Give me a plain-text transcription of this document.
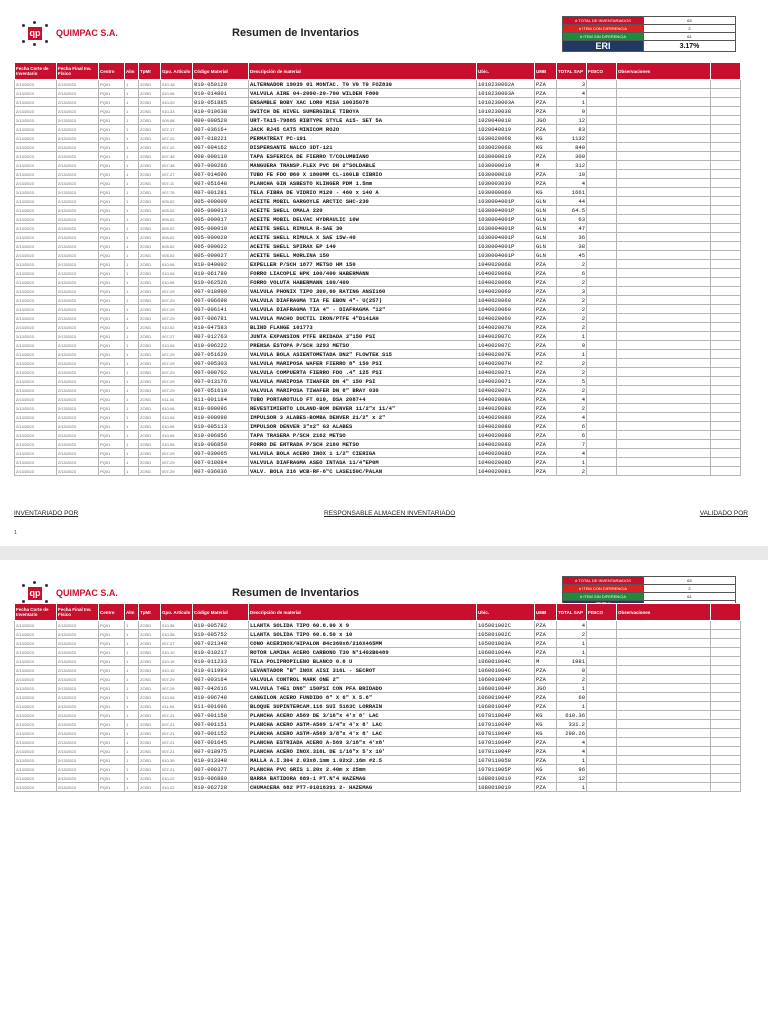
qp QUIMPAC S.A.	Resumen de Inventarios
# TOTAL DE INVENTARIADOS	63
# ITEM CON DIFERENCIA	2
# ITEM SIN DIFERENCIA	61
ERI	3.17%
Fecha Corte de Inventario	Fecha Final Inv. Físico	Centro	Alm	TpMt	Gpo. Artículo	Código Material	Descripción de material	Ubic.	UMB	TOTAL SAP	FISICO	Observaciones	
2/13/2023	2/13/2023	PQ01	1	ZOSD	010-18	010-050120	ALTERNADOR 19039 01 MONTAC. T0 V0 T0 FOZ830	1010230002A	PZA	3			
2/13/2023	2/13/2023	PQ01	1	ZOSD	010-06	010-014801	VALVULA AIRE 04-2000-20-700 WILDEN F800	1010230003A	PZA	4			
2/13/2023	2/13/2023	PQ01	1	ZOSD	010-20	010-051885	ENSAMBLE BOBY XAC LOR0 MISA 10035078	1010230003A	PZA	1			
2/13/2023	2/13/2023	PQ01	1	ZOSD	010-33	010-010638	SWITCH DE NIVEL SUMERGIBLE TIBOYA	1010230038	PZA	0			
2/13/2023	2/13/2023	PQ01	1	ZOSD	009-08	009-000520	URT-TA15-79885 RIBTYPE STYLE A15- SET 5A	1020040018	JGO	12			
2/13/2023	2/13/2023	PQ01	1	ZOSD	007-17	007-03616+	JACK RJ45 CAT5 MINICOM ROJO	1020040019	PZA	83			
2/13/2023	2/13/2023	PQ01	1	ZOSD	007-22	007-018221	PERMATREAT PC-191	1030020068	KG	1132			
2/13/2023	2/13/2023	PQ01	1	ZOSD	007-22	007-004162	DISPERSANTE NALCO 3DT-121	1030020068	KG	840			
2/13/2023	2/13/2023	PQ01	1	ZOSD	007-38	008-000119	TAPA ESFERICA DE FIERRO T/COLUMBIANO	1030000019	PZA	300			
2/13/2023	2/13/2023	PQ01	1	ZOSD	007-38	007-000266	MANGUERA TRANSP.FLEX PVC DN 2"SOLDABLE	1030000019	M	312			
2/13/2023	2/13/2023	PQ01	1	ZOSD	007-27	007-014696	TUBO FE FDO Ø60 X 1800MM CL-160LB CIBRIO	1030000019	PZA	10			
2/13/2023	2/13/2023	PQ01	1	ZOSD	007-11	007-051648	PLANCHA GIN ASBESTO KLINGER PDM 1.5mm	1030003039	PZA	4			
2/13/2023	2/13/2023	PQ01	1	ZOSD	007-75	007-001281	TELA FIBRA DE VIDRIO M120 - 460 x 140 A	1030000069	KG	1661			
2/13/2023	2/13/2023	PQ01	1	ZOSD	005-02	005-000009	ACEITE MOBIL GARGOYLE ARCTIC SHC-230	1030004001P	GLN	44			
2/13/2023	2/13/2023	PQ01	1	ZOSD	005-02	005-000013	ACEITE SHELL OMALA 220	1030004001P	GLN	64.5			
2/13/2023	2/13/2023	PQ01	1	ZOSD	005-02	005-000017	ACEITE MOBIL DELVAC HYDRAULIC 10W	1030004001P	GLN	63			
2/13/2023	2/13/2023	PQ01	1	ZOSD	005-02	005-000019	ACEITE SHELL RIMULA R-SAE 30	1030004001P	GLN	47			
2/13/2023	2/13/2023	PQ01	1	ZOSD	005-02	005-000020	ACEITE SHELL RIMULA X SAE 15W-40	1030004001P	GLN	36			
2/13/2023	2/13/2023	PQ01	1	ZOSD	005-02	005-000022	ACEITE SHELL SPIRAX EP 140	1030004001P	GLN	38			
2/13/2023	2/13/2023	PQ01	1	ZOSD	005-02	005-000027	ACEITE SHELL MORLINA 150	1030004001P	GLN	45			
2/13/2023	2/13/2023	PQ01	1	ZOSD	010-06	010-040002	EXPELLER P/SCH 1877 METSO HM 150	1040020068	PZA	2			
2/13/2023	2/13/2023	PQ01	1	ZOSD	010-06	010-061789	FORRO LIACOPLE HPK 100/400 HABERMANN	1040020068	PZA	6			
2/13/2023	2/13/2023	PQ01	1	ZOSD	010-06	010-062526	FORRO VOLUTA HABERMANN 100/400	1040020068	PZA	2			
2/13/2023	2/13/2023	PQ01	1	ZOSD	007-29	007-018999	VALVULA PHONIX TIPO 300,60 RATING ANSI160	1040020060	PZA	3			
2/13/2023	2/13/2023	PQ01	1	ZOSD	007-29	007-006698	VALVULA DIAFRAGMA TIA FE EBON 4"- U(257)	1040020060	PZA	2			
2/13/2023	2/13/2023	PQ01	1	ZOSD	007-29	007-006141	VALVULA DIAFRAGMA TIA 4" - DIAFRAGMA "12"	1040020060	PZA	2			
2/13/2023	2/13/2023	PQ01	1	ZOSD	007-29	007-006781	VALVULA MACHO DUCTIL IRON/PTFE 4"D141AH	1040020060	PZA	2			
2/13/2023	2/13/2023	PQ01	1	ZOSD	010-02	010-047583	BLIND FLANGE 101773	1040020078	PZA	2			
2/13/2023	2/13/2023	PQ01	1	ZOSD	007-27	007-012763	JUNTA EXPANSION PTFE BRIDADA 3"150 PSI	104002007C	PZA	1			
2/13/2023	2/13/2023	PQ01	1	ZOSD	010-06	010-006222	PRENSA ESTOPA P/SCH 3293 METSO	104002007C	PZA	9			
2/13/2023	2/13/2023	PQ01	1	ZOSD	007-29	007-051620	VALVULA BOLA ASIENTOMETADA DN2" FLOWTEK S15	104002007E	PZA	1			
2/13/2023	2/13/2023	PQ01	1	ZOSD	007-29	007-005303	VALVULA MARIPOSA WAFER FIERRO 8" 150 PSI	104002007H	PZ	2			
2/13/2023	2/13/2023	PQ01	1	ZOSD	007-29	007-000702	VALVULA COMPUERTA FIERRO FDO .4" 125 PSI	1040020071	PZA	2			
2/13/2023	2/13/2023	PQ01	1	ZOSD	007-29	007-013176	VALVULA MARIPOSA TIWAFER DN 4" 150 PSI	1040020071	PZA	5			
2/13/2023	2/13/2023	PQ01	1	ZOSD	007-29	007-051619	VALVULA MARIPOSA TIWAFER DN 8" BRAY 030	1040020071	PZA	2			
2/13/2023	2/13/2023	PQ01	1	ZOSD	011-04	011-001184	TUBO PORTAROTULO FT 010, DSA 2087+4	104002008A	PZA	4			
2/13/2023	2/13/2023	PQ01	1	ZOSD	010-06	010-000096	REVESTIMIENTO LOLAND-BOM DENVER 11/2"x 11/4"	1040020088	PZA	2			
2/13/2023	2/13/2023	PQ01	1	ZOSD	010-06	010-000098	IMPULSOR 3 ALABES-BOMBA DENVER 21/2" x 2"	1040020088	PZA	4			
2/13/2023	2/13/2023	PQ01	1	ZOSD	010-06	010-005113	IMPULSOR DENVER 3"x2" G3 ALABES	1040020088	PZA	6			
2/13/2023	2/13/2023	PQ01	1	ZOSD	010-06	010-006856	TAPA TRASERA P/SCH 2162 METSO	1040020088	PZA	6			
2/13/2023	2/13/2023	PQ01	1	ZOSD	010-06	010-006859	FORRO DE ENTRADA P/SCH 2160 METSO	1040020088	PZA	7			
2/13/2023	2/13/2023	PQ01	1	ZOSD	007-29	007-039065	VALVULA BOLA ACERO INOX 1 1/2" CIERIGA	104002008D	PZA	4			
2/13/2023	2/13/2023	PQ01	1	ZOSD	007-29	007-018084	VALVULA DIAFRAGMA ASEO INTASA 11/4"EP0M	104002008D	PZA	1			
2/13/2023	2/13/2023	PQ01	1	ZOSD	007-29	007-036036	VALV. BOLA 216 WCB-RF-6"C LASE150C/PALAN	1040020081	PZA	2			
INVENTARIADO POR	RESPONSABLE ALMACEN INVENTARIADO	VALIDADO POR
1
qp QUIMPAC S.A.	Resumen de Inventarios
# TOTAL DE INVENTARIADOS	63
# ITEM CON DIFERENCIA	2
# ITEM SIN DIFERENCIA	61

Fecha Corte de Inventario	Fecha Final Inv. Físico	Centro	Alm	TpMt	Gpo. Artículo	Código Material	Descripción de material	Ubic.	UMB	TOTAL SAP	FISICO	Observaciones	
2/13/2023	2/13/2023	PQ01	1	ZOSD	010-38	010-005782	LLANTA SOLIDA TIPO 60.6.00 X 9	105001002C	PZA	4			
2/13/2023	2/13/2023	PQ01	1	ZOSD	010-38	010-005752	LLANTA SOLIDA TIPO 60.6.50 x 10	105001002C	PZA	2			
2/13/2023	2/13/2023	PQ01	1	ZOSD	007-27	007-021348	CONO ACERINOX/HIPALON Ø4c360x8/216X465MM	105001003A	PZA	1			
2/13/2023	2/13/2023	PQ01	1	ZOSD	010-10	010-010217	ROTOR LAMINA ACERO CARBONO T30 N°1402B0489	106001004A	PZA	1			
2/13/2023	2/13/2023	PQ01	1	ZOSD	010-15	010-011233	TELA POLIPROPILENO BLANCO 0.6 U	106001004C	M	1981			
2/13/2023	2/13/2023	PQ01	1	ZOSD	010-15	010-011993	LEVANTADOR "B" INOX AISI 316L - SECROT	106001004C	PZA	0			
2/13/2023	2/13/2023	PQ01	1	ZOSD	007-29	007-003164	VALVULA CONTROL MARK ONE 2"	106001004P	PZA	2			
2/13/2023	2/13/2023	PQ01	1	ZOSD	007-29	007-042616	VALVULA T4E1 DN6" 150PSI CON PFA BRIDADO	106001004P	JGO	1			
2/13/2023	2/13/2023	PQ01	1	ZOSD	010-06	010-006748	CANGILON ACERO FUNDIDO 8" X 6" X 5.6"	106001004P	PZA	60			
2/13/2023	2/13/2023	PQ01	1	ZOSD	011-04	011-001696	BLOQUE SUPINTERCAM.116 SUI 5163C LORRAIN	106001004P	PZA	1			
2/13/2023	2/13/2023	PQ01	1	ZOSD	007-21	007-001150	PLANCHA ACERO A569 DE 3/16"x 4'x 8' LAC	107011004P	KG	610.36			
2/13/2023	2/13/2023	PQ01	1	ZOSD	007-21	007-001151	PLANCHA ACERO ASTM-A569 1/4"x 4'x 8' LAC	107011004P	KG	331.2			
2/13/2023	2/13/2023	PQ01	1	ZOSD	007-21	007-001152	PLANCHA ACERO ASTM-A569 3/8"x 4'x 8' LAC	107011004P	KG	298.26			
2/13/2023	2/13/2023	PQ01	1	ZOSD	007-21	007-001645	PLANCHA ESTRIADA ACERO A-569 3/16"x 4'x8'	107011004P	PZA	4			
2/13/2023	2/13/2023	PQ01	1	ZOSD	007-21	007-018975	PLANCHA ACERO INOX.316L DE 1/16"x 5'x 10'	107011004P	PZA	4			
2/13/2023	2/13/2023	PQ01	1	ZOSD	010-39	010-013348	MALLA A.I.304 2.03x8.1mm 1.02x2.16m #2.5	1070110058	PZA	1			
2/13/2023	2/13/2023	PQ01	1	ZOSD	007-21	007-000377	PLANCHA PVC GRIS 1.20x 2.40m x 25mm	107011005P	KG	96			
2/13/2023	2/13/2023	PQ01	1	ZOSD	010-22	010-006880	BARRA BATIDORA 689-1 PT.N°4 HAZEMAG	1080010019	PZA	12			
2/13/2023	2/13/2023	PQ01	1	ZOSD	010-22	010-062728	CHUMACERA 682 PT7-01016391 2- HAZEMAG	1080010019	PZA	1			
